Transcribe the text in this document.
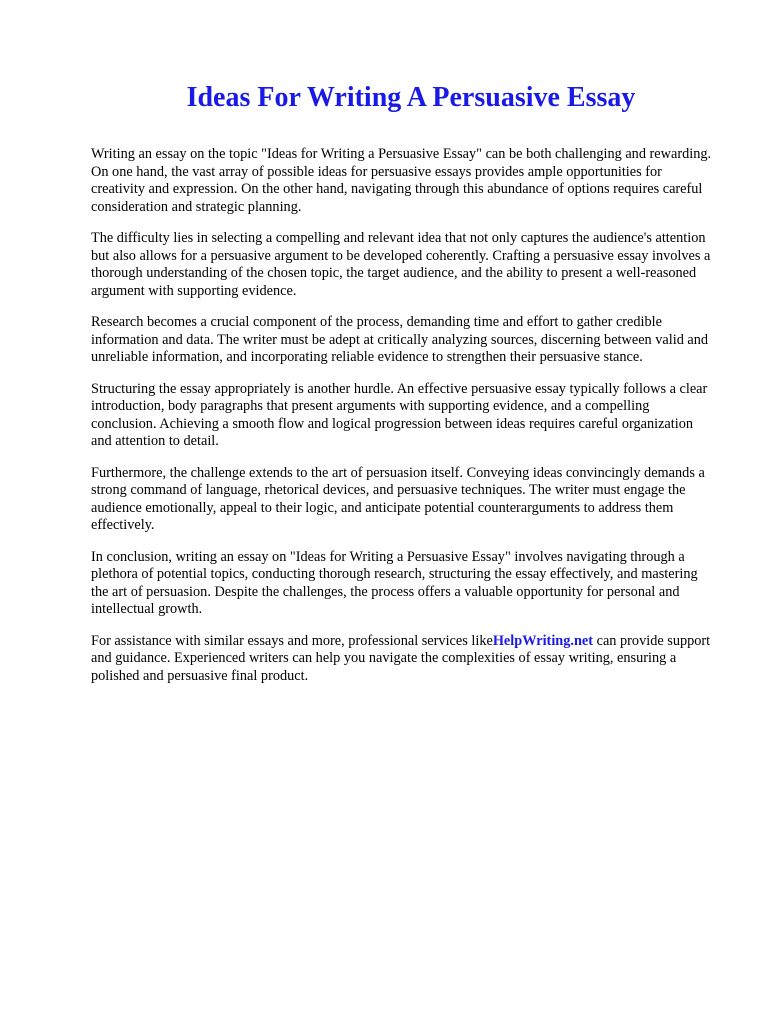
Ideas For Writing A Persuasive Essay

Writing an essay on the topic "Ideas for Writing a Persuasive Essay" can be both challenging and rewarding. On one hand, the vast array of possible ideas for persuasive essays provides ample opportunities for creativity and expression. On the other hand, navigating through this abundance of options requires careful consideration and strategic planning.

The difficulty lies in selecting a compelling and relevant idea that not only captures the audience's attention but also allows for a persuasive argument to be developed coherently. Crafting a persuasive essay involves a thorough understanding of the chosen topic, the target audience, and the ability to present a well-reasoned argument with supporting evidence.

Research becomes a crucial component of the process, demanding time and effort to gather credible information and data. The writer must be adept at critically analyzing sources, discerning between valid and unreliable information, and incorporating reliable evidence to strengthen their persuasive stance.

Structuring the essay appropriately is another hurdle. An effective persuasive essay typically follows a clear introduction, body paragraphs that present arguments with supporting evidence, and a compelling conclusion. Achieving a smooth flow and logical progression between ideas requires careful organization and attention to detail.

Furthermore, the challenge extends to the art of persuasion itself. Conveying ideas convincingly demands a strong command of language, rhetorical devices, and persuasive techniques. The writer must engage the audience emotionally, appeal to their logic, and anticipate potential counterarguments to address them effectively.

In conclusion, writing an essay on "Ideas for Writing a Persuasive Essay" involves navigating through a plethora of potential topics, conducting thorough research, structuring the essay effectively, and mastering the art of persuasion. Despite the challenges, the process offers a valuable opportunity for personal and intellectual growth.

For assistance with similar essays and more, professional services likeHelpWriting.net can provide support and guidance. Experienced writers can help you navigate the complexities of essay writing, ensuring a polished and persuasive final product.
